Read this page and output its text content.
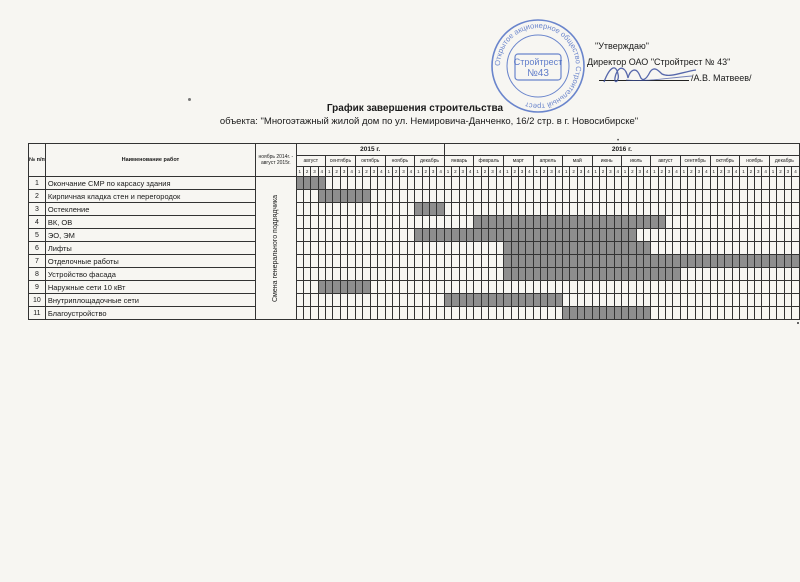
•
Открытое акционерное общество Строительный трест
Стройтрест
№43
"Утверждаю"
Директор ОАО "Стройтрест № 43"
/А.В. Матвеев/
График завершения строительства
объекта: "Многоэтажный жилой дом по ул. Немировича-Данченко, 16/2 стр. в г. Новосибирске"
№ п/п	Наименование работ	ноябрь 2014г. - август 2015г.	2015 г.	2016 г.
август	сентябрь	октябрь	ноябрь	декабрь	январь	февраль	март	апрель	май	июнь	июль	август	сентябрь	октябрь	ноябрь	декабрь
1	2	3	4	1	2	3	4	1	2	3	4	1	2	3	4	1	2	3	4	1	2	3	4	1	2	3	4	1	2	3	4	1	2	3	4	1	2	3	4	1	2	3	4	1	2	3	4	1	2	3	4	1	2	3	4	1	2	3	4	1	2	3	4	1	2	3	4
1	Окончание СМР по карсасу здания	Смена генерального подрядчика

2	Кирпичная кладка стен и перегородок																																																																				
3	Остекление																																																																				
4	ВК, ОВ																																																																				
5	ЭО, ЭМ																																																																				
6	Лифты																																																																				
7	Отделочные работы																																																																				
8	Устройство фасада																																																																				
9	Наружные сети 10 кВт																																																																				
10	Внутриплощадочные сети																																																																				
11	Благоустройство																																																																				
